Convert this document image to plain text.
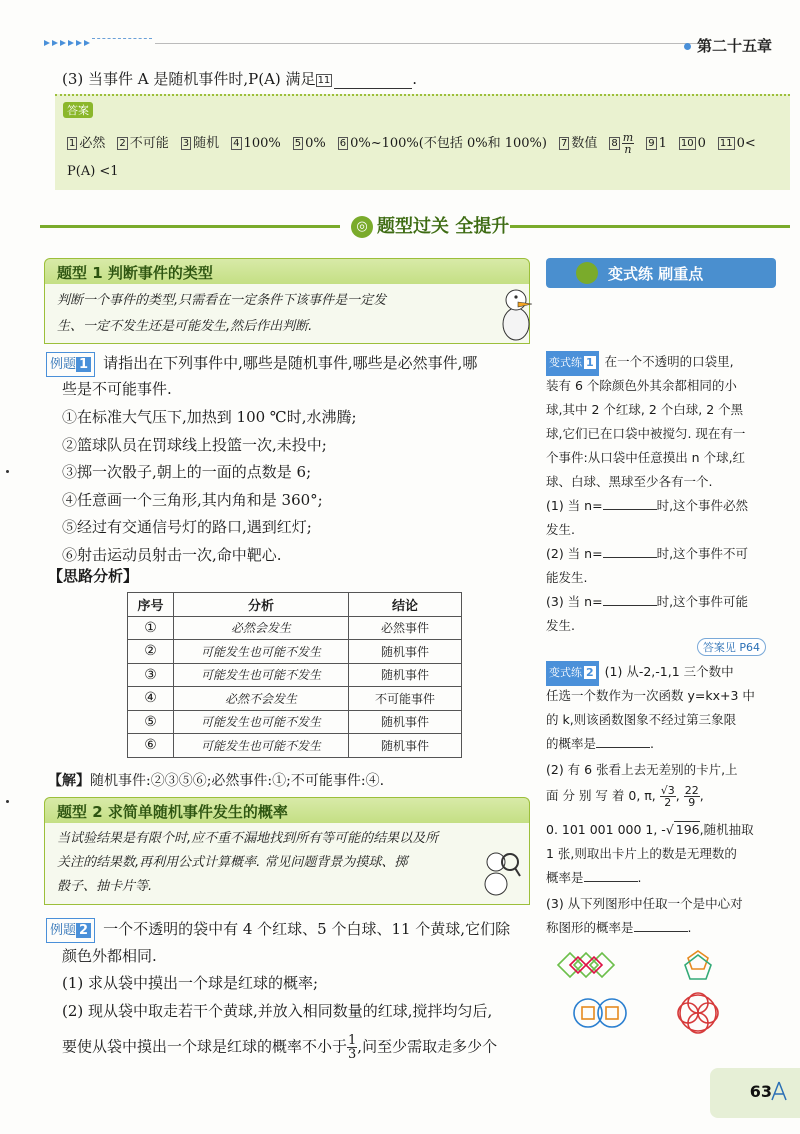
第二十五章
(3) 当事件 A 是随机事件时,P(A) 满足 11	.
答案
1 必然 2 不可能 3 随机 4 100% 5 0% 6 0%~100%(不包括 0%和 100%) 7 数值 $8 \frac{m}{n} 9$ 1 10 0 11 0<
P(A) <1
◎ 题型过关 全提升
题型 1 判断事件的类型
判断一个事件的类型,只需看在一定条件下该事件是一定发
生、一定不发生还是可能发生,然后作出判断.
例题 1 请指出在下列事件中,哪些是随机事件,哪些是必然事件,哪
些是不可能事件.
①在标准大气压下,加热到 100 ℃时,水沸腾;
②篮球队员在罚球线上投篮一次,未投中;
③掷一次骰子,朝上的一面的点数是 6;
④任意画一个三角形,其内角和是 360°;
⑤经过有交通信号灯的路口,遇到红灯;
⑥射击运动员射击一次,命中靶心.
【思路分析】
序号	分析	结论
①	必然会发生	必然事件
②	可能发生也可能不发生	随机事件
③	可能发生也可能不发生	随机事件
④	必然不会发生	不可能事件
⑤	可能发生也可能不发生	随机事件
⑥	可能发生也可能不发生	随机事件
【解】随机事件:②③⑤⑥;必然事件:①;不可能事件:④.
题型 2 求简单随机事件发生的概率
当试验结果是有限个时,应不重不漏地找到所有等可能的结果以及所
关注的结果数,再利用公式计算概率. 常见问题背景为摸球、掷
骰子、抽卡片等.
例题 2 一个不透明的袋中有 4 个红球、5 个白球、11 个黄球,它们除
颜色外都相同.
(1) 求从袋中摸出一个球是红球的概率;
(2) 现从袋中取走若干个黄球,并放入相同数量的红球,搅拌均匀后,
要使从袋中摸出一个球是红球的概率不小于 $\frac{1}{3}$ ,问至少需取走多少个
变式练 刷重点
变式练 1 在一个不透明的口袋里,
装有 6 个除颜色外其余都相同的小
球,其中 2 个红球, 2 个白球, 2 个黑
球,它们已在口袋中被搅匀. 现在有一
个事件:从口袋中任意摸出 n 个球,红
球、白球、黑球至少各有一个.
(1) 当 n=	时,这个事件必然
发生.
(2) 当 n=	时,这个事件不可
能发生.
(3) 当 n=	时,这个事件可能
发生.
答案见 P64
变式练 2 (1) 从-2,-1,1 三个数中
任选一个数作为一次函数 y=kx+3 中
的 k,则该函数图象不经过第三象限
的概率是	.
(2) 有 6 张看上去无差别的卡片,上
面 分 别 写 着 0, π, $\frac{√3}{2}$ , $\frac{22}{9}$ ,
0. 101 001 000 1, -√ 196,随机抽取
1 张,则取出卡片上的数是无理数的
概率是	.
(3) 从下列图形中任取一个是中心对
称图形的概率是	.
63
